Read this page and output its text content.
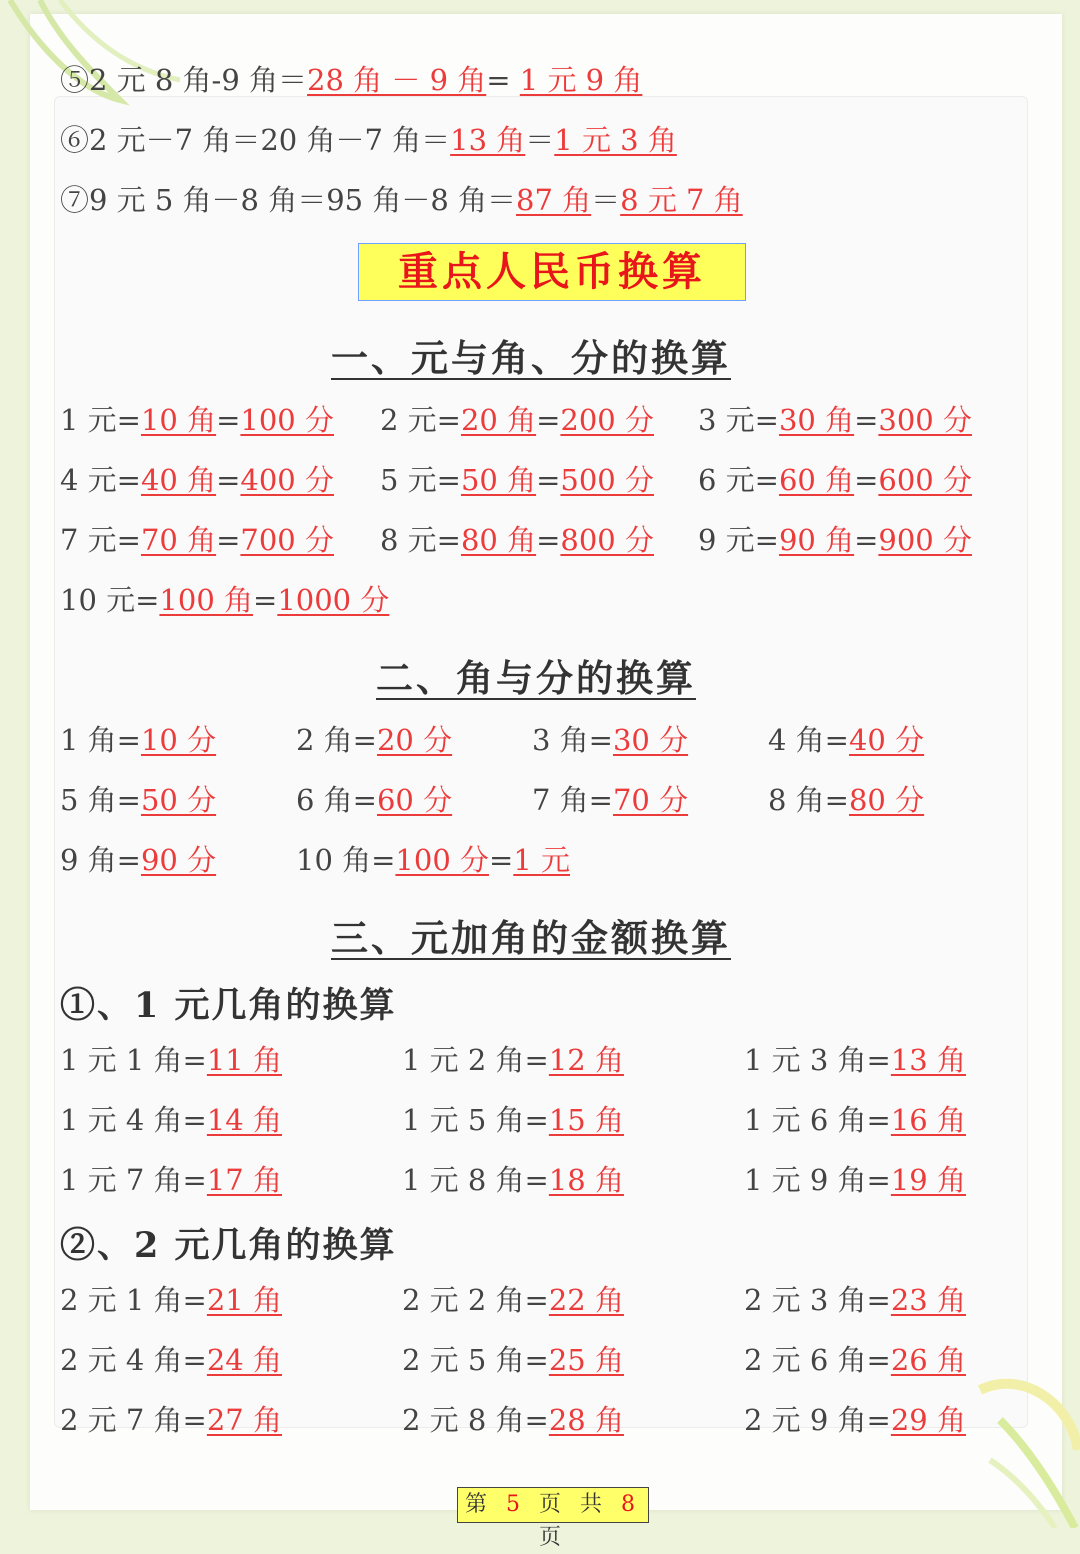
⑤2 元 8 角-9 角＝28 角 － 9 角= 1 元 9 角
⑥2 元－7 角＝20 角－7 角＝13 角＝1 元 3 角
⑦9 元 5 角－8 角＝95 角－8 角＝87 角＝8 元 7 角
重点人民币换算
一、元与角、分的换算
1 元=10 角=100 分 2 元=20 角=200 分 3 元=30 角=300 分
4 元=40 角=400 分 5 元=50 角=500 分 6 元=60 角=600 分
7 元=70 角=700 分 8 元=80 角=800 分 9 元=90 角=900 分
10 元=100 角=1000 分
二、角与分的换算
1 角=10 分	2 角=20 分	3 角=30 分	4 角=40 分
5 角=50 分	6 角=60 分	7 角=70 分	8 角=80 分
9 角=90 分	10 角=100 分=1 元
三、元加角的金额换算
①、1 元几角的换算
1 元 1 角=11 角	1 元 2 角=12 角	1 元 3 角=13 角
1 元 4 角=14 角	1 元 5 角=15 角	1 元 6 角=16 角
1 元 7 角=17 角	1 元 8 角=18 角	1 元 9 角=19 角
②、2 元几角的换算
2 元 1 角=21 角	2 元 2 角=22 角	2 元 3 角=23 角
2 元 4 角=24 角	2 元 5 角=25 角	2 元 6 角=26 角
2 元 7 角=27 角	2 元 8 角=28 角	2 元 9 角=29 角
第 5 页 共 8 页
